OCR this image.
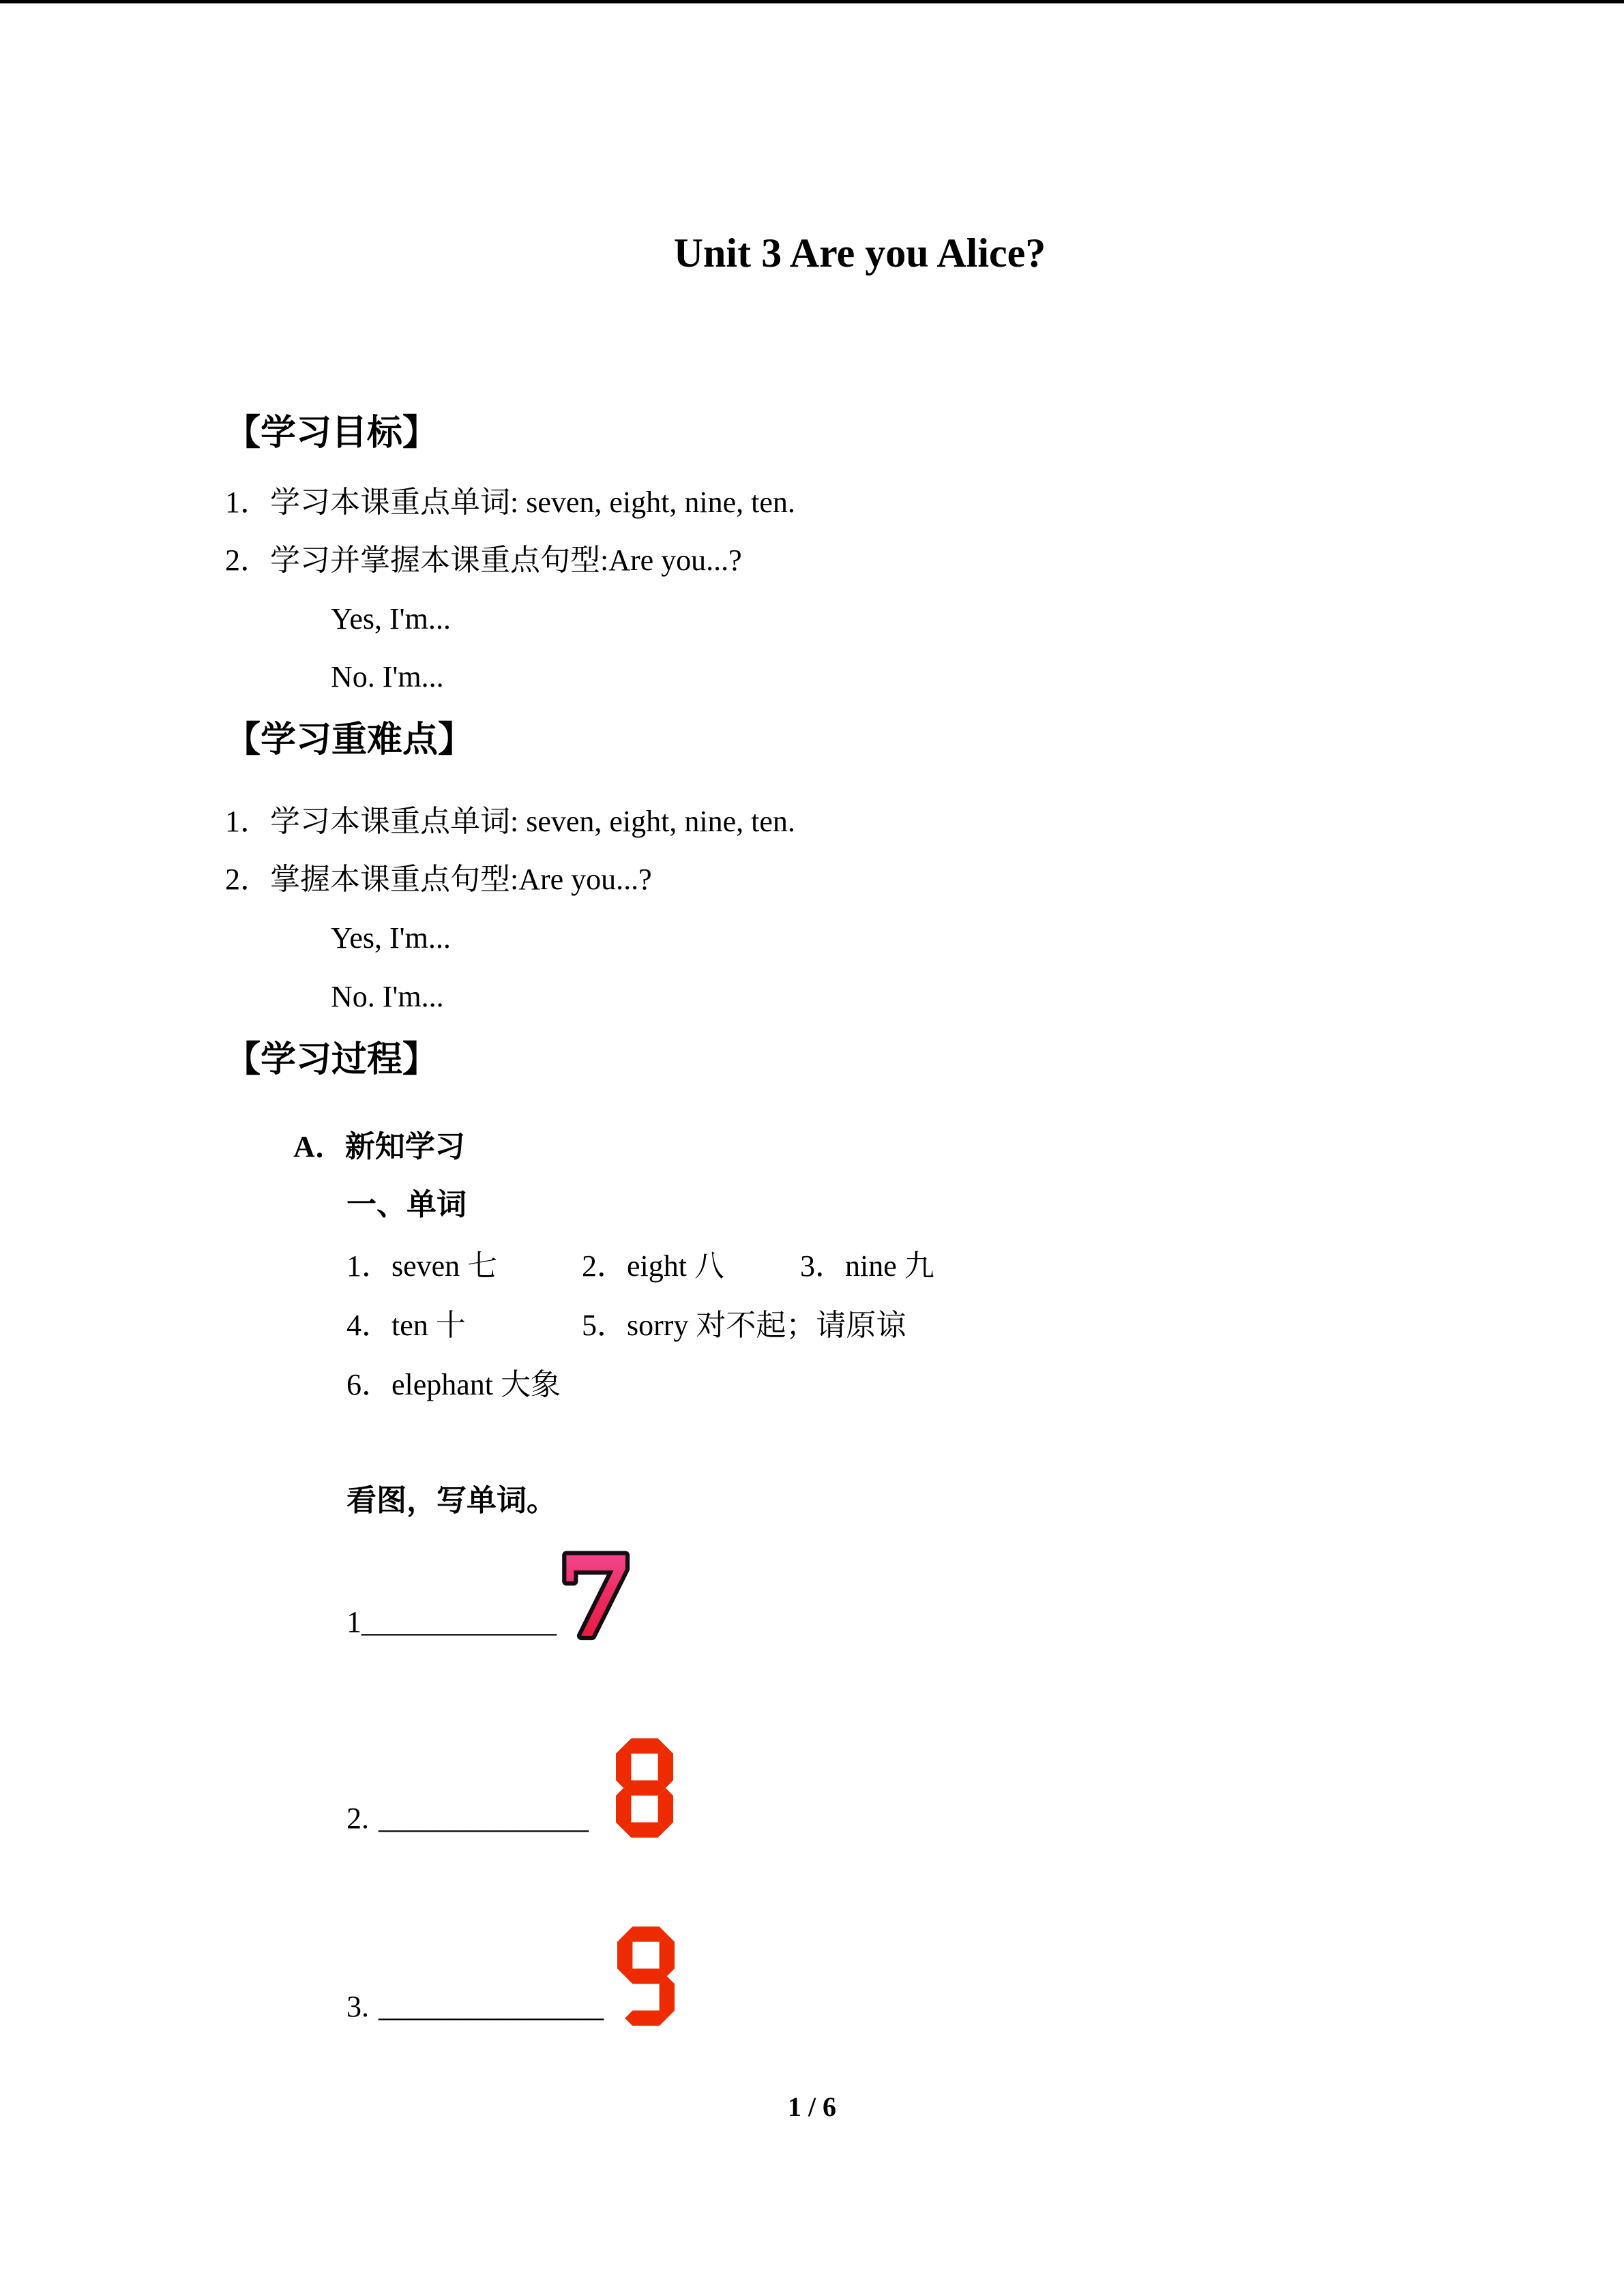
Unit 3 Are you Alice?
【学习目标】
1．学习本课重点单词: seven, eight, nine, ten.
2．学习并掌握本课重点句型:Are you...?
Yes, I'm...
No. I'm...
【学习重难点】
1．学习本课重点单词: seven, eight, nine, ten.
2．掌握本课重点句型:Are you...?
Yes, I'm...
No. I'm...
【学习过程】
A．新知学习
一、单词
1．seven 七	2．eight 八	3．nine 九
4．ten 十	5．sorry 对不起；请原谅
6．elephant 大象
看图，写单词。
1_____________ 7
2. ______________
3. _______________
1 / 6
